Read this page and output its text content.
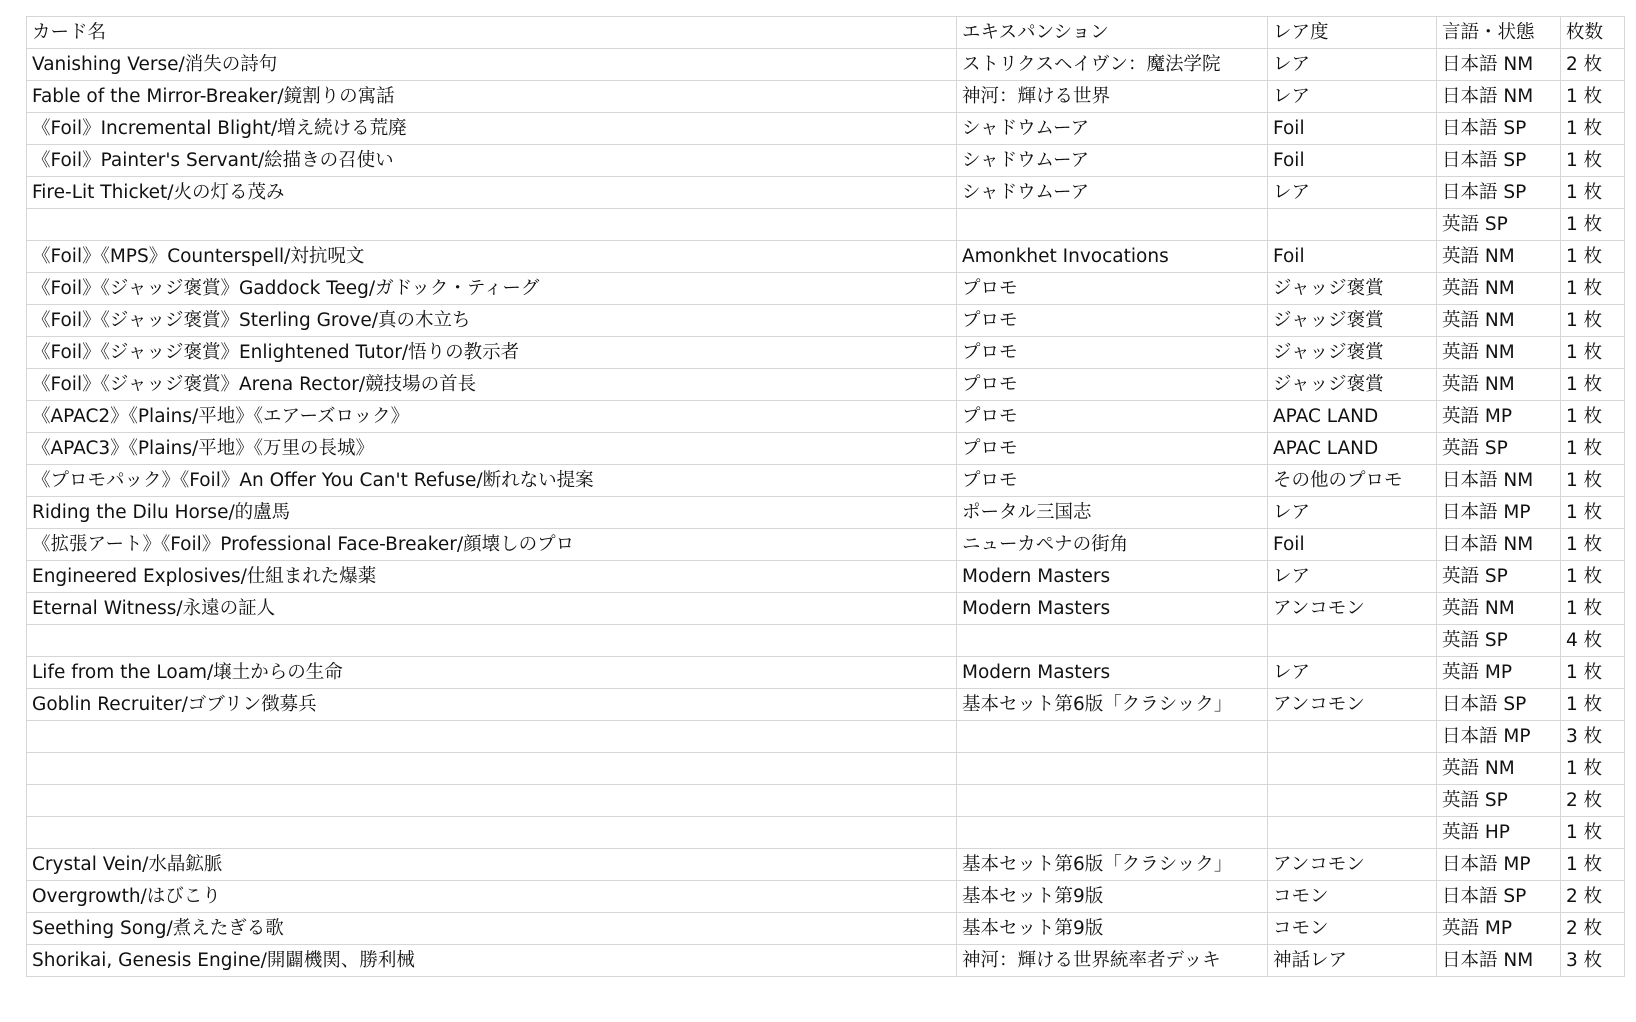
カード名	エキスパンション	レア度	言語・状態	枚数
Vanishing Verse/消失の詩句	ストリクスヘイヴン：魔法学院	レア	日本語 NM	2 枚
Fable of the Mirror-Breaker/鏡割りの寓話	神河：輝ける世界	レア	日本語 NM	1 枚
《Foil》Incremental Blight/増え続ける荒廃	シャドウムーア	Foil	日本語 SP	1 枚
《Foil》Painter's Servant/絵描きの召使い	シャドウムーア	Foil	日本語 SP	1 枚
Fire-Lit Thicket/火の灯る茂み	シャドウムーア	レア	日本語 SP	1 枚
			英語 SP	1 枚
《Foil》《MPS》Counterspell/対抗呪文	Amonkhet Invocations	Foil	英語 NM	1 枚
《Foil》《ジャッジ褒賞》Gaddock Teeg/ガドック・ティーグ	プロモ	ジャッジ褒賞	英語 NM	1 枚
《Foil》《ジャッジ褒賞》Sterling Grove/真の木立ち	プロモ	ジャッジ褒賞	英語 NM	1 枚
《Foil》《ジャッジ褒賞》Enlightened Tutor/悟りの教示者	プロモ	ジャッジ褒賞	英語 NM	1 枚
《Foil》《ジャッジ褒賞》Arena Rector/競技場の首長	プロモ	ジャッジ褒賞	英語 NM	1 枚
《APAC2》《Plains/平地》《エアーズロック》	プロモ	APAC LAND	英語 MP	1 枚
《APAC3》《Plains/平地》《万里の長城》	プロモ	APAC LAND	英語 SP	1 枚
《プロモパック》《Foil》An Offer You Can't Refuse/断れない提案	プロモ	その他のプロモ	日本語 NM	1 枚
Riding the Dilu Horse/的盧馬	ポータル三国志	レア	日本語 MP	1 枚
《拡張アート》《Foil》Professional Face-Breaker/顔壊しのプロ	ニューカペナの街角	Foil	日本語 NM	1 枚
Engineered Explosives/仕組まれた爆薬	Modern Masters	レア	英語 SP	1 枚
Eternal Witness/永遠の証人	Modern Masters	アンコモン	英語 NM	1 枚
			英語 SP	4 枚
Life from the Loam/壌土からの生命	Modern Masters	レア	英語 MP	1 枚
Goblin Recruiter/ゴブリン徴募兵	基本セット第6版「クラシック」	アンコモン	日本語 SP	1 枚
			日本語 MP	3 枚
			英語 NM	1 枚
			英語 SP	2 枚
			英語 HP	1 枚
Crystal Vein/水晶鉱脈	基本セット第6版「クラシック」	アンコモン	日本語 MP	1 枚
Overgrowth/はびこり	基本セット第9版	コモン	日本語 SP	2 枚
Seething Song/煮えたぎる歌	基本セット第9版	コモン	英語 MP	2 枚
Shorikai, Genesis Engine/開闢機関、勝利械	神河：輝ける世界統率者デッキ	神話レア	日本語 NM	3 枚
